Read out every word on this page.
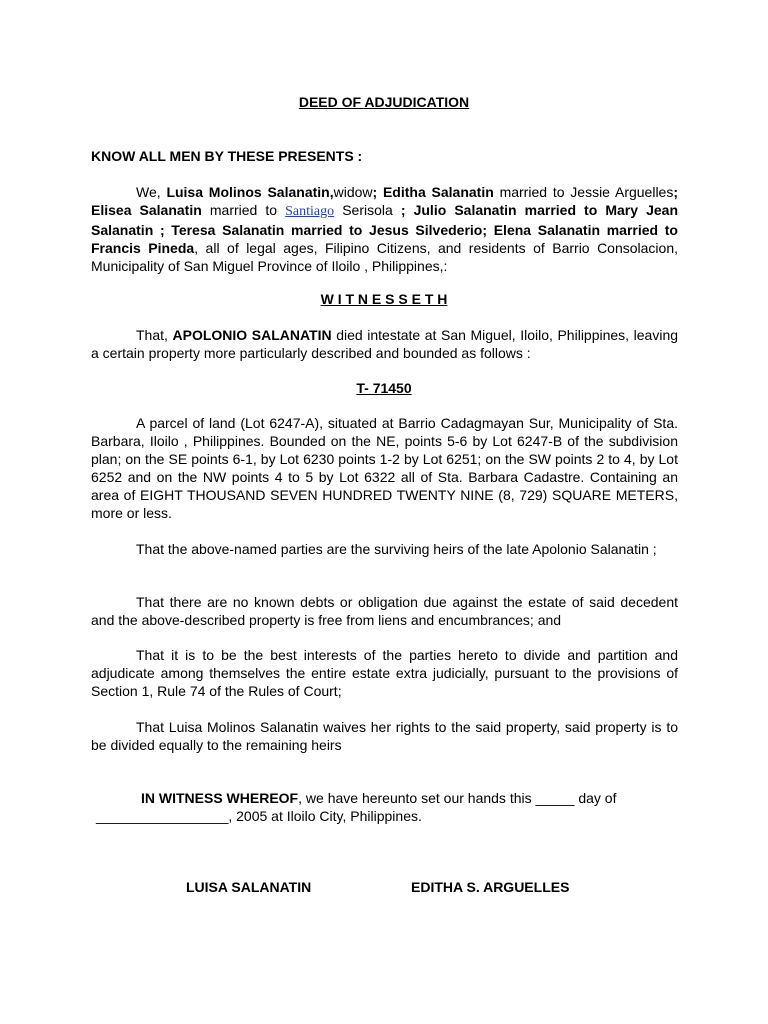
DEED OF ADJUDICATION
KNOW ALL MEN BY THESE PRESENTS :
We, Luisa Molinos Salanatin,widow; Editha Salanatin married to Jessie Arguelles; Elisea Salanatin married to Santiago Serisola ; Julio Salanatin married to Mary Jean Salanatin ; Teresa Salanatin married to Jesus Silvederio; Elena Salanatin married to Francis Pineda, all of legal ages, Filipino Citizens, and residents of Barrio Consolacion, Municipality of San Miguel Province of Iloilo , Philippines,:
W I T N E S S E T H
That, APOLONIO SALANATIN died intestate at San Miguel, Iloilo, Philippines, leaving a certain property more particularly described and bounded as follows :
T- 71450
A parcel of land (Lot 6247-A), situated at Barrio Cadagmayan Sur, Municipality of Sta. Barbara, Iloilo , Philippines. Bounded on the NE, points 5-6 by Lot 6247-B of the subdivision plan; on the SE points 6-1, by Lot 6230 points 1-2 by Lot 6251; on the SW points 2 to 4, by Lot 6252 and on the NW points 4 to 5 by Lot 6322 all of Sta. Barbara Cadastre. Containing an area of EIGHT THOUSAND SEVEN HUNDRED TWENTY NINE (8, 729) SQUARE METERS, more or less.
That the above-named parties are the surviving heirs of the late Apolonio Salanatin ;
That there are no known debts or obligation due against the estate of said decedent and the above-described property is free from liens and encumbrances; and
That it is to be the best interests of the parties hereto to divide and partition and adjudicate among themselves the entire estate extra judicially, pursuant to the provisions of Section 1, Rule 74 of the Rules of Court;
That Luisa Molinos Salanatin waives her rights to the said property, said property is to be divided equally to the remaining heirs
IN WITNESS WHEREOF, we have hereunto set our hands this _____ day of
_________________, 2005 at Iloilo City, Philippines.
LUISA SALANATIN	EDITHA S. ARGUELLES
